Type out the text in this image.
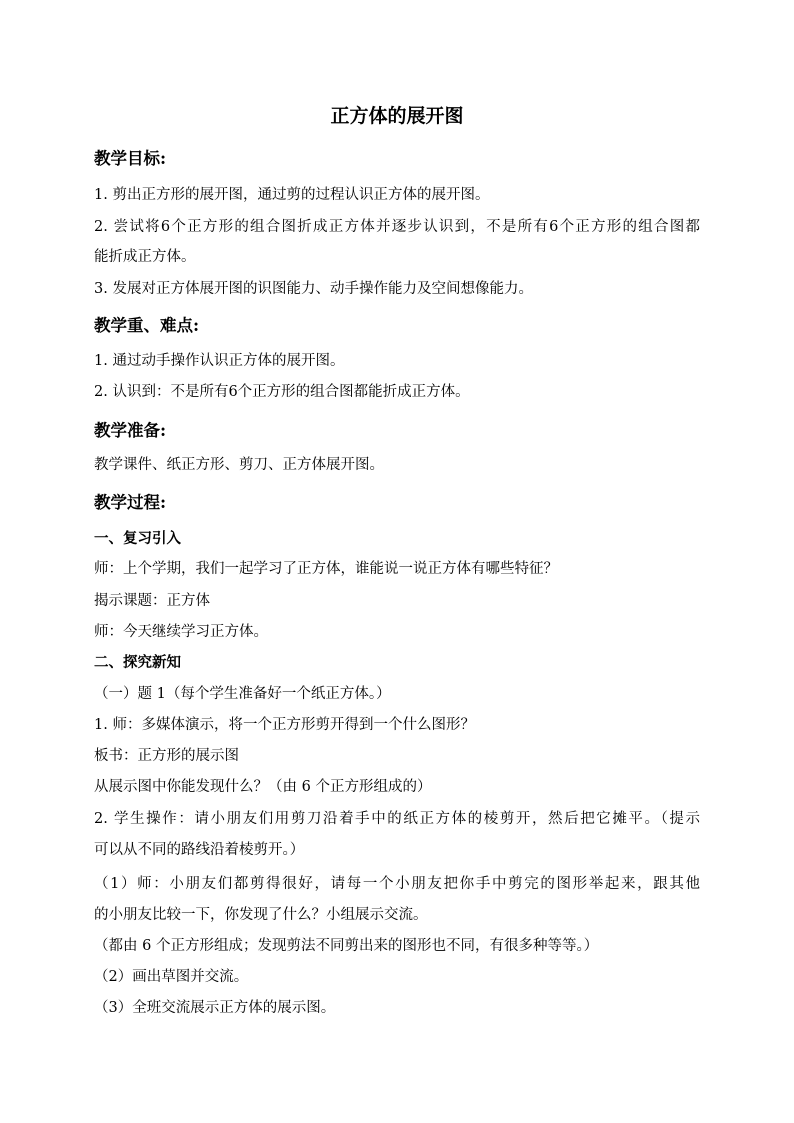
正方体的展开图
教学目标:
1. 剪出正方形的展开图，通过剪的过程认识正方体的展开图。
2. 尝试将6个正方形的组合图折成正方体并逐步认识到，不是所有6个正方形的组合图都
能折成正方体。
3. 发展对正方体展开图的识图能力、动手操作能力及空间想像能力。
教学重、难点:
1. 通过动手操作认识正方体的展开图。
2. 认识到：不是所有6个正方形的组合图都能折成正方体。
教学准备:
教学课件、纸正方形、剪刀、正方体展开图。
教学过程:
一、复习引入
师：上个学期，我们一起学习了正方体，谁能说一说正方体有哪些特征？
揭示课题：正方体
师：今天继续学习正方体。
二、探究新知
（一）题 1（每个学生准备好一个纸正方体。）
1. 师：多媒体演示，将一个正方形剪开得到一个什么图形？
板书：正方形的展示图
从展示图中你能发现什么？（由 6 个正方形组成的）
2. 学生操作：请小朋友们用剪刀沿着手中的纸正方体的棱剪开，然后把它摊平。（提示
可以从不同的路线沿着棱剪开。）
（1）师：小朋友们都剪得很好，请每一个小朋友把你手中剪完的图形举起来，跟其他
的小朋友比较一下，你发现了什么？小组展示交流。
（都由 6 个正方形组成；发现剪法不同剪出来的图形也不同，有很多种等等。）
（2）画出草图并交流。
（3）全班交流展示正方体的展示图。
